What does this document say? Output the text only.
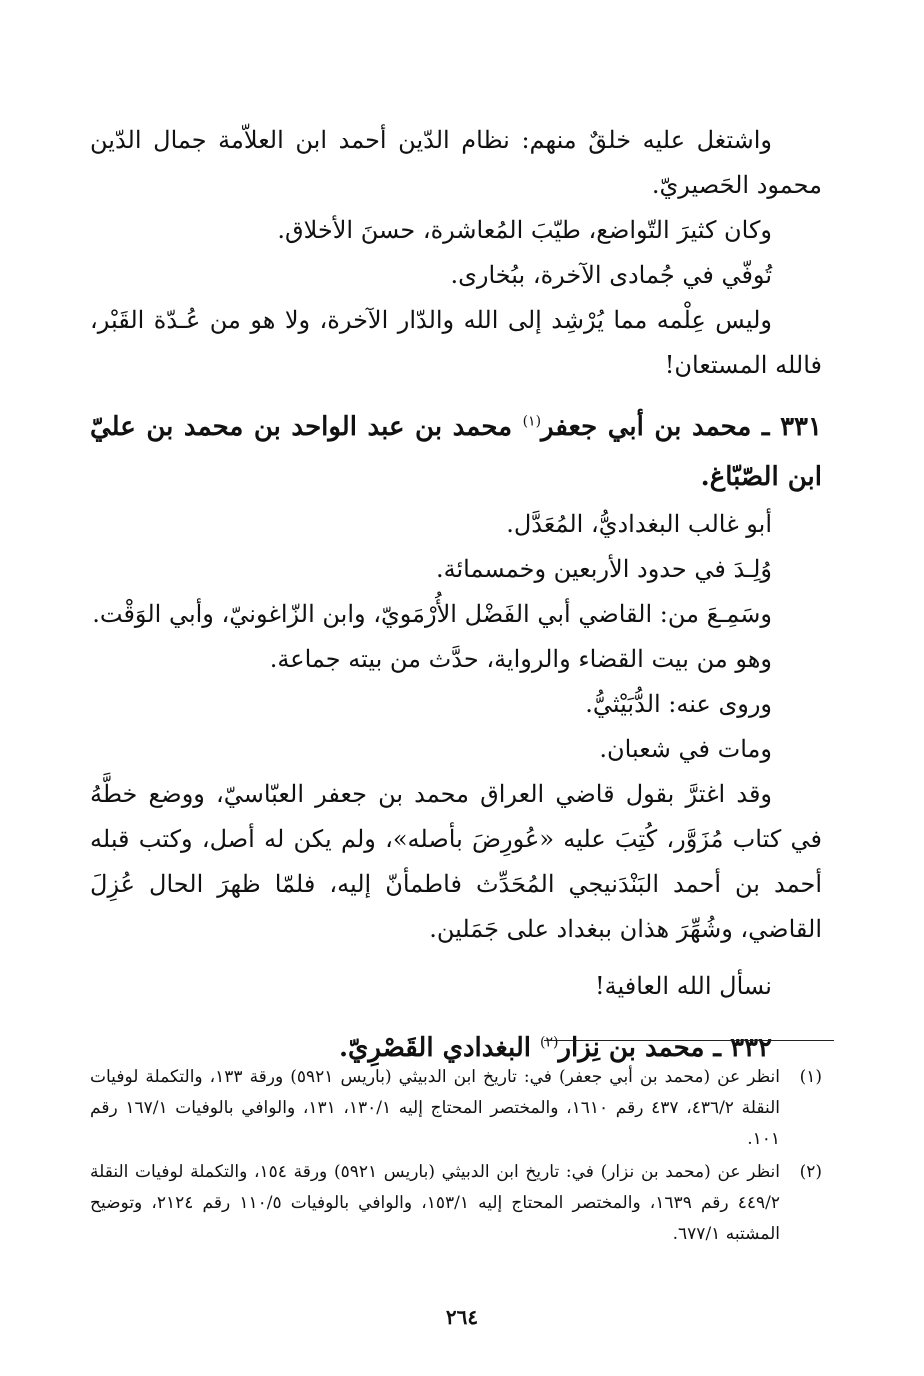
واشتغل عليه خلقٌ منهم: نظام الدّين أحمد ابن العلاّمة جمال الدّين محمود الحَصيريّ.

وكان كثيرَ التّواضع، طيّبَ المُعاشرة، حسنَ الأخلاق.

تُوفّي في جُمادى الآخرة، ببُخارى.

وليس عِلْمه مما يُرْشِد إلى الله والدّار الآخرة، ولا هو من عُـدّة القَبْر، فالله المستعان!

٣٣١ ـ محمد بن أبي جعفر$^{(١)}$ محمد بن عبد الواحد بن محمد بن عليّ ابن الصّبّاغ.

أبو غالب البغداديُّ، المُعَدَّل.

وُلِـدَ في حدود الأربعين وخمسمائة.

وسَمِـعَ من: القاضي أبي الفَضْل الأُرْمَويّ، وابن الزّاغونيّ، وأبي الوَقْت.

وهو من بيت القضاء والرواية، حدَّث من بيته جماعة.

وروى عنه: الدُّبَيْثيُّ.

ومات في شعبان.

وقد اغترَّ بقول قاضي العراق محمد بن جعفر العبّاسيّ، ووضع خطَّهُ في كتاب مُزَوَّر، كُتِبَ عليه «عُورِضَ بأصله»، ولم يكن له أصل، وكتب قبله أحمد بن أحمد البَنْدَنيجي المُحَدِّث فاطمأنّ إليه، فلمّا ظهرَ الحال عُزِلَ القاضي، وشُهِّرَ هذان ببغداد على جَمَلين.

نسأل الله العافية!

٣٣٢ ـ محمد بن نِزار$^{(٢)}$ البغدادي القَصْرِيّ.

(١)
انظر عن (محمد بن أبي جعفر) في: تاريخ ابن الدبيثي (باريس ٥٩٢١) ورقة ١٣٣، والتكملة لوفيات النقلة ٤٣٦/٢، ٤٣٧ رقم ١٦١٠، والمختصر المحتاج إليه ١٣٠/١، ١٣١، والوافي بالوفيات ١٦٧/١ رقم ١٠١.
(٢)
انظر عن (محمد بن نزار) في: تاريخ ابن الدبيثي (باريس ٥٩٢١) ورقة ١٥٤، والتكملة لوفيات النقلة ٤٤٩/٢ رقم ١٦٣٩، والمختصر المحتاج إليه ١٥٣/١، والوافي بالوفيات ١١٠/٥ رقم ٢١٢٤، وتوضيح المشتبه ٦٧٧/١.
٢٦٤
